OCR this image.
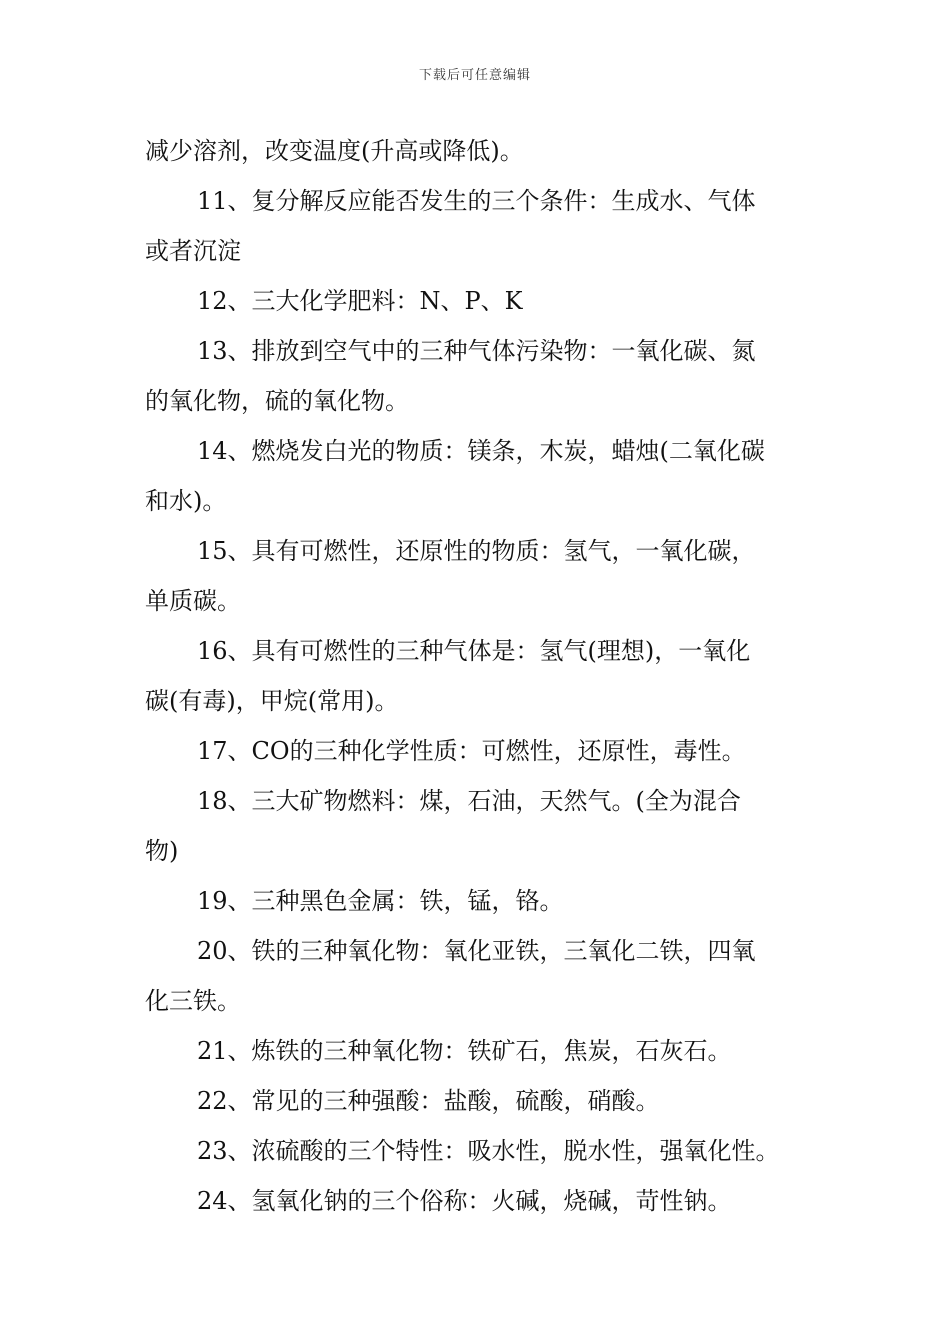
下载后可任意编辑
减少溶剂，改变温度(升高或降低)。
11、复分解反应能否发生的三个条件：生成水、气体
或者沉淀
12、三大化学肥料：N、P、K
13、排放到空气中的三种气体污染物：一氧化碳、氮
的氧化物，硫的氧化物。
14、燃烧发白光的物质：镁条，木炭，蜡烛(二氧化碳
和水)。
15、具有可燃性，还原性的物质：氢气，一氧化碳，
单质碳。
16、具有可燃性的三种气体是：氢气(理想)，一氧化
碳(有毒)，甲烷(常用)。
17、CO的三种化学性质：可燃性，还原性，毒性。
18、三大矿物燃料：煤，石油，天然气。(全为混合
物)
19、三种黑色金属：铁，锰，铬。
20、铁的三种氧化物：氧化亚铁，三氧化二铁，四氧
化三铁。
21、炼铁的三种氧化物：铁矿石，焦炭，石灰石。
22、常见的三种强酸：盐酸，硫酸，硝酸。
23、浓硫酸的三个特性：吸水性，脱水性，强氧化性。
24、氢氧化钠的三个俗称：火碱，烧碱，苛性钠。
